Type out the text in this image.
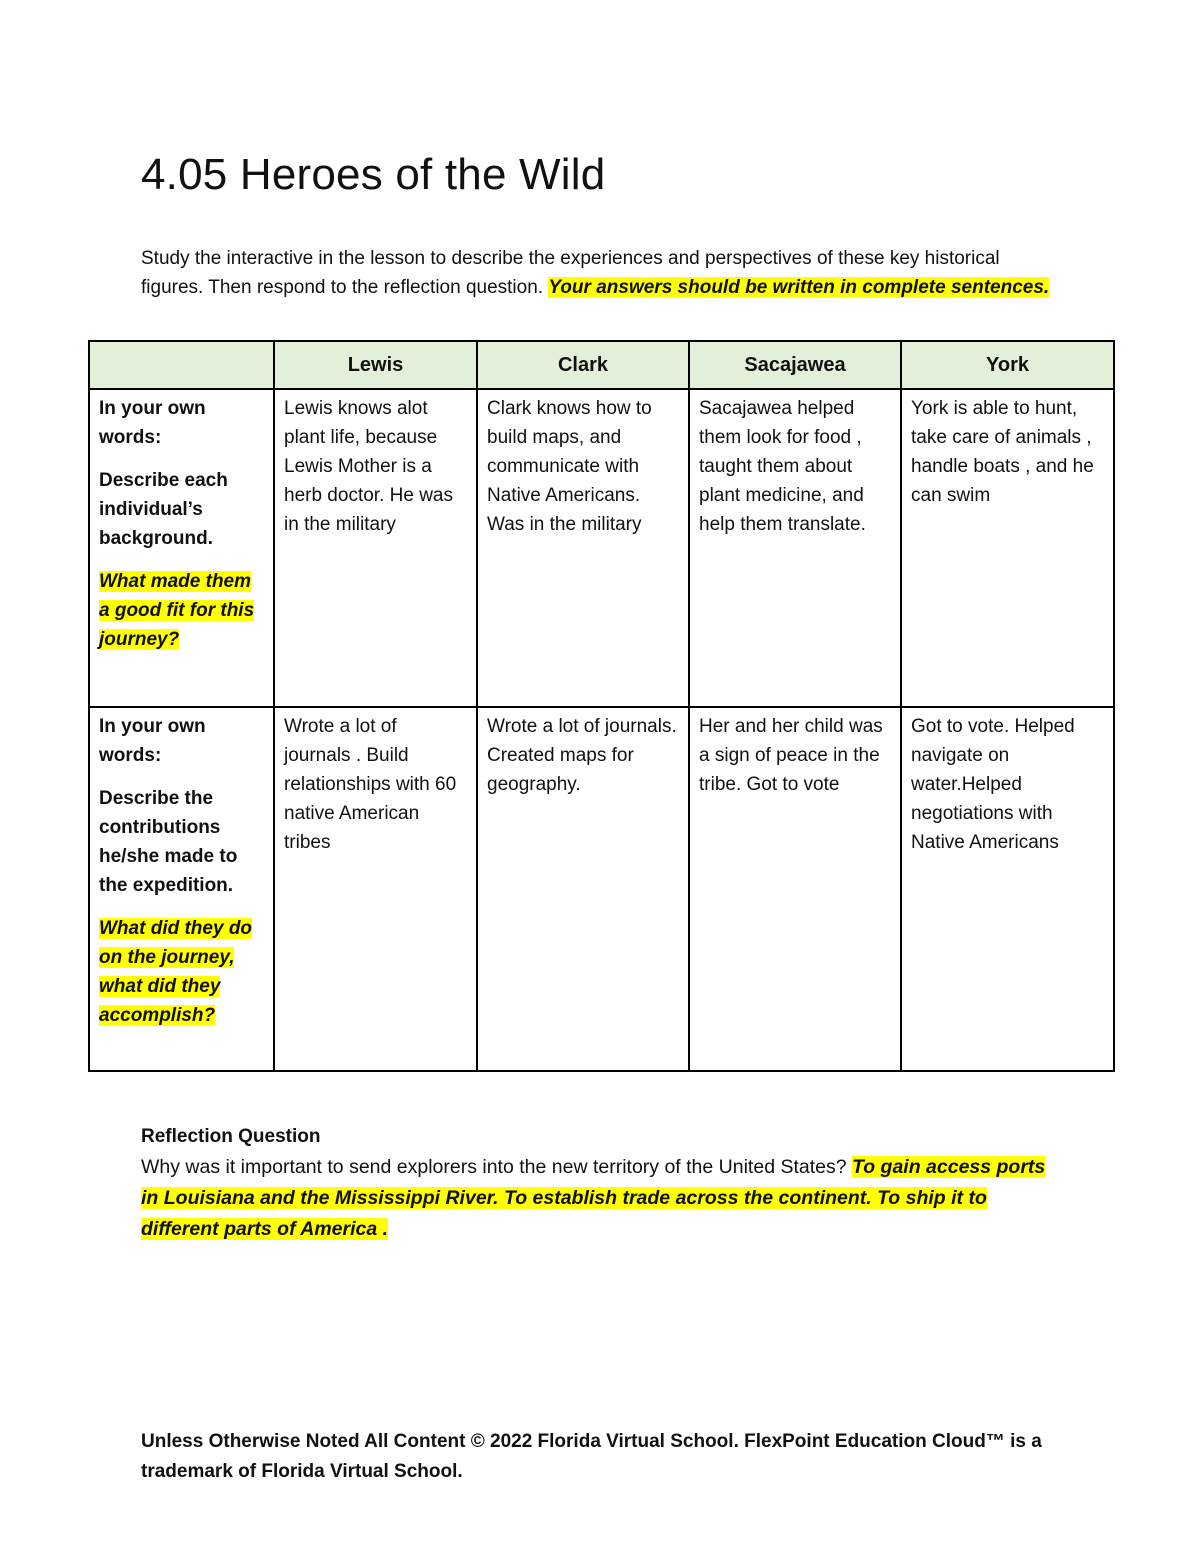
4.05 Heroes of the Wild

Study the interactive in the lesson to describe the experiences and perspectives of these key historical figures. Then respond to the reflection question. Your answers should be written in complete sentences.

	Lewis	Clark	Sacajawea	York

In your own words:

Describe each individual’s background.

What made them a good fit for this journey?	Lewis knows alot plant life, because Lewis Mother is a herb doctor. He was in the military	Clark knows how to build maps, and communicate with Native Americans. Was in the military	Sacajawea helped them look for food , taught them about plant medicine, and help them translate.	York is able to hunt, take care of animals , handle boats , and he can swim

In your own words:

Describe the contributions he/she made to the expedition.

What did they do on the journey, what did they accomplish?	Wrote a lot of journals . Build relationships with 60 native American tribes	Wrote a lot of journals. Created maps for geography.	Her and her child was a sign of peace in the tribe. Got to vote	Got to vote. Helped navigate on water.Helped negotiations with Native Americans

Reflection Question

Why was it important to send explorers into the new territory of the United States? To gain access ports in Louisiana and the Mississippi River. To establish trade across the continent. To ship it to different parts of America .

Unless Otherwise Noted All Content © 2022 Florida Virtual School. FlexPoint Education Cloud™ is a trademark of Florida Virtual School.
